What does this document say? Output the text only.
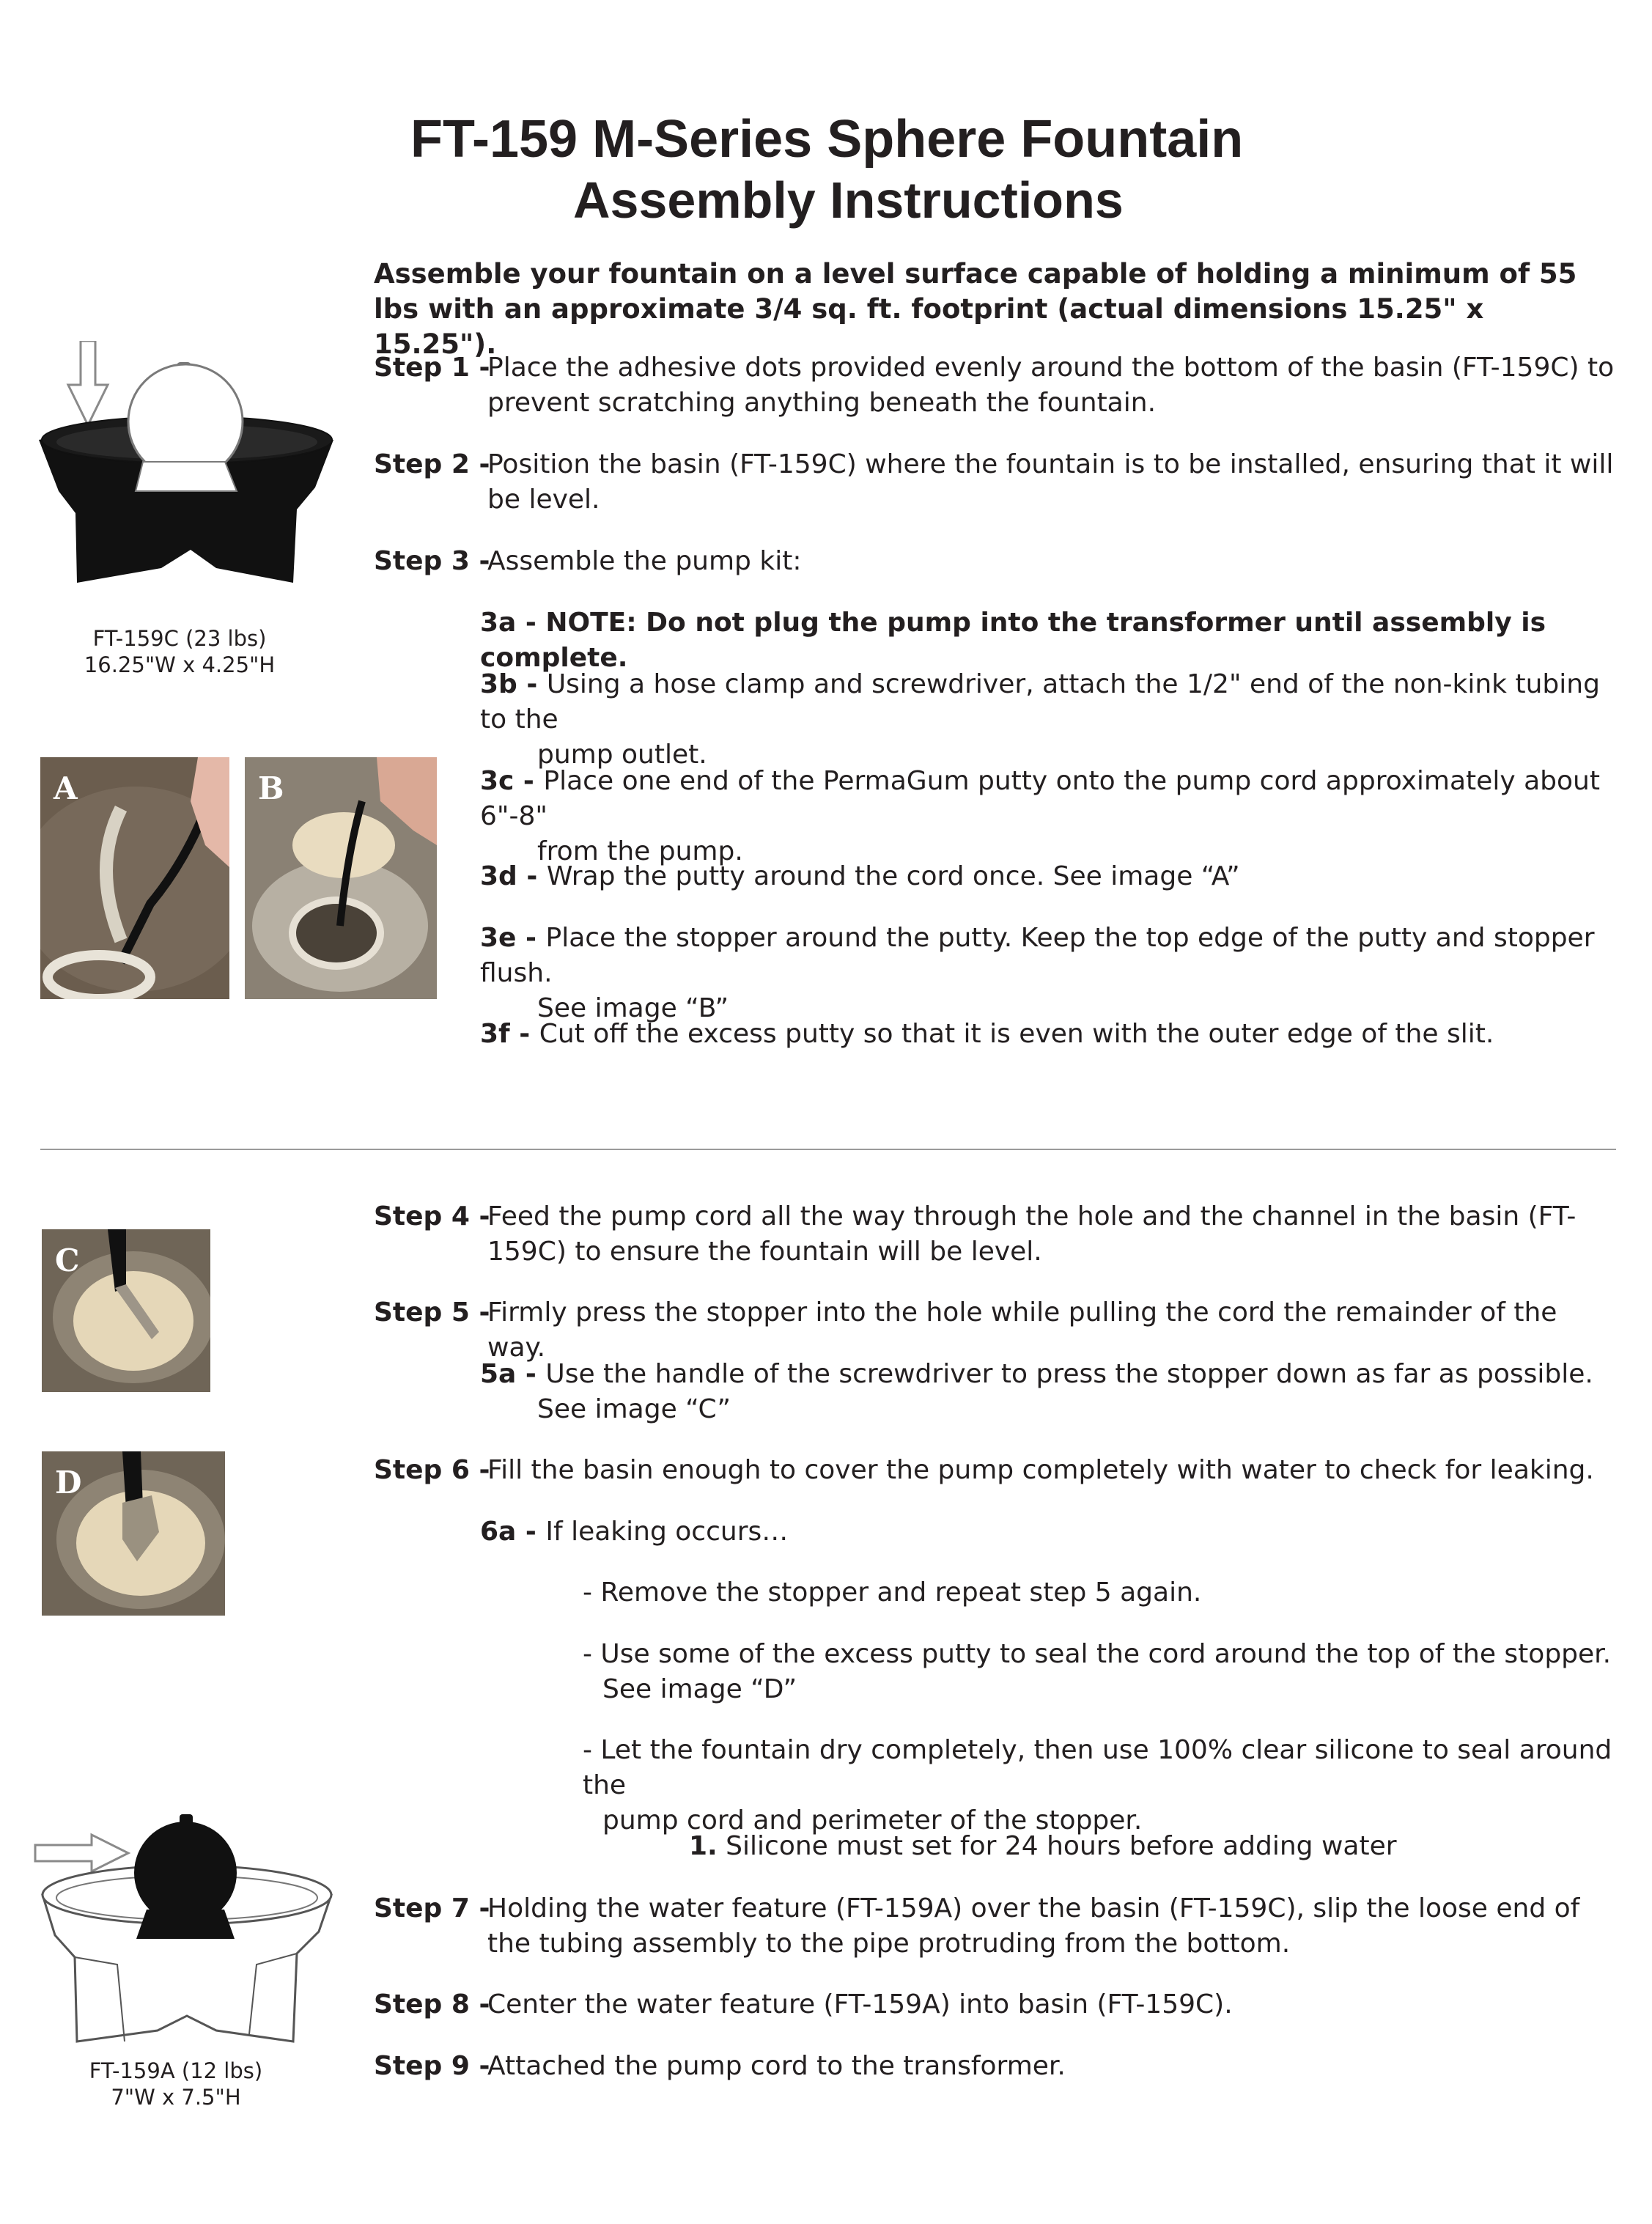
FT-159 M-Series Sphere Fountain
Assembly Instructions
Assemble your fountain on a level surface capable of holding a minimum of 55 lbs with an approximate 3/4 sq. ft. footprint (actual dimensions 15.25" x 15.25").
FT-159C (23 lbs)
16.25"W x 4.25"H
A	B
C
D
FT-159A (12 lbs)
7"W x 7.5"H
Step 1 -
Place the adhesive dots provided evenly around the bottom of the basin (FT-159C) to prevent scratching anything beneath the fountain.
Step 2 -
Position the basin (FT-159C) where the fountain is to be installed, ensuring that it will be level.
Step 3 -
Assemble the pump kit:
3a - NOTE: Do not plug the pump into the transformer until assembly is complete.
3b - Using a hose clamp and screwdriver, attach the 1/2" end of the non-kink tubing to the
pump outlet.
3c - Place one end of the PermaGum putty onto the pump cord approximately about 6"-8"
from the pump.
3d - Wrap the putty around the cord once. See image “A”
3e - Place the stopper around the putty. Keep the top edge of the putty and stopper flush.
See image “B”
3f - Cut off the excess putty so that it is even with the outer edge of the slit.
Step 4 -
Feed the pump cord all the way through the hole and the channel in the basin (FT-159C) to ensure the fountain will be level.
Step 5 -
Firmly press the stopper into the hole while pulling the cord the remainder of the way.
5a - Use the handle of the screwdriver to press the stopper down as far as possible.
See image “C”
Step 6 -
Fill the basin enough to cover the pump completely with water to check for leaking.
6a - If leaking occurs…
- Remove the stopper and repeat step 5 again.
- Use some of the excess putty to seal the cord around the top of the stopper.
See image “D”
- Let the fountain dry completely, then use 100% clear silicone to seal around the
pump cord and perimeter of the stopper.
1. Silicone must set for 24 hours before adding water
Step 7 -
Holding the water feature (FT-159A) over the basin (FT-159C), slip the loose end of the tubing assembly to the pipe protruding from the bottom.
Step 8 -
Center the water feature (FT-159A) into basin (FT-159C).
Step 9 -
Attached the pump cord to the transformer.
